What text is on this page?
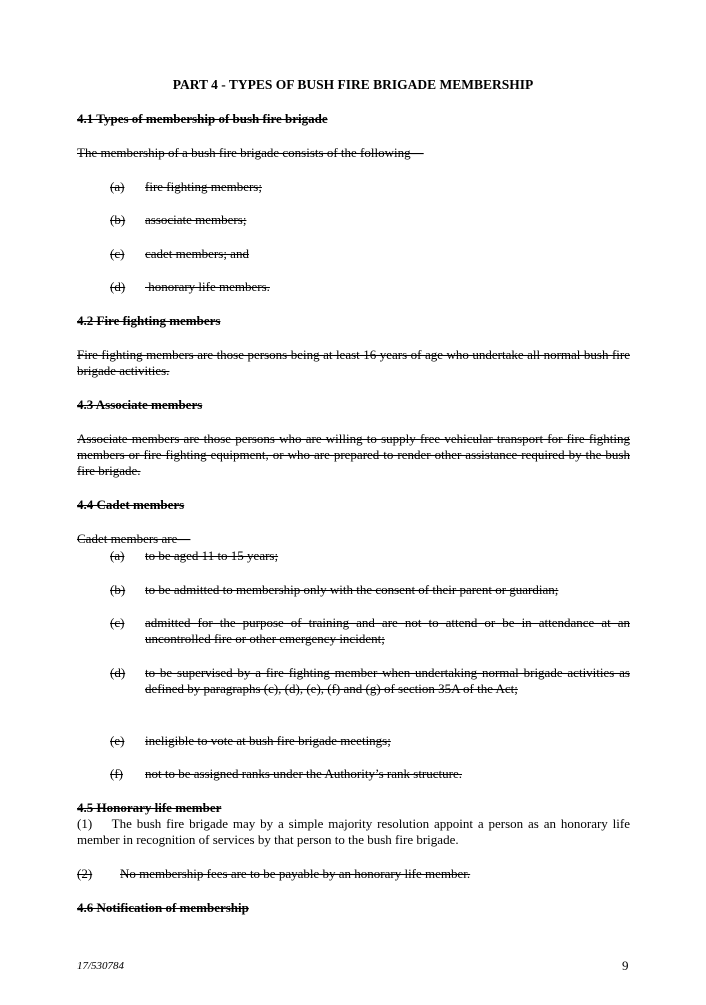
PART 4 - TYPES OF BUSH FIRE BRIGADE MEMBERSHIP
4.1 Types of membership of bush fire brigade
The membership of a bush fire brigade consists of the following—
(a) fire fighting members;
(b) associate members;
(c) cadet members; and
(d) honorary life members.
4.2 Fire fighting members
Fire fighting members are those persons being at least 16 years of age who undertake all normal bush fire brigade activities.
4.3 Associate members
Associate members are those persons who are willing to supply free vehicular transport for fire fighting members or fire fighting equipment, or who are prepared to render other assistance required by the bush fire brigade.
4.4 Cadet members
Cadet members are—
(a) to be aged 11 to 15 years;
(b) to be admitted to membership only with the consent of their parent or guardian;
(c) admitted for the purpose of training and are not to attend or be in attendance at an uncontrolled fire or other emergency incident;
(d) to be supervised by a fire fighting member when undertaking normal brigade activities as defined by paragraphs (c), (d), (e), (f) and (g) of section 35A of the Act;
(e) ineligible to vote at bush fire brigade meetings;
(f) not to be assigned ranks under the Authority’s rank structure.
4.5 Honorary life member
(1)    The bush fire brigade may by a simple majority resolution appoint a person as an honorary life member in recognition of services by that person to the bush fire brigade.
(2) No membership fees are to be payable by an honorary life member.
4.6 Notification of membership
17/530784	9
